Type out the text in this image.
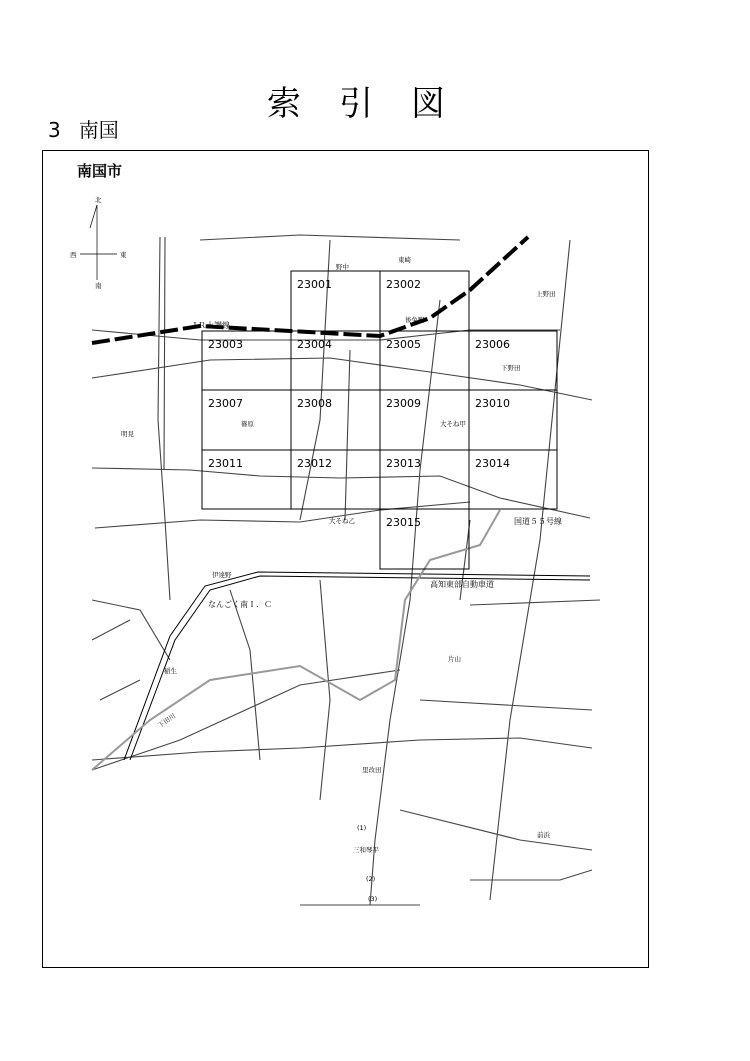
索引図
3 南国
南国市
北
南
東
西
23001	23002
23003	23004	23005	23006
23007	23008	23009	23010
23011	23012	23013	23014
23015
野中
東崎
上野田
ＪＲ土讃線
後免駅
下野田
篠原	大そね甲
明見
国道５５号線
大そね乙
伊達野
高知東部自動車道
なんごく南Ｉ．Ｃ
片山
稲生
下田川
里改田
(1)
三和琴平
(2)
(3)
前浜
